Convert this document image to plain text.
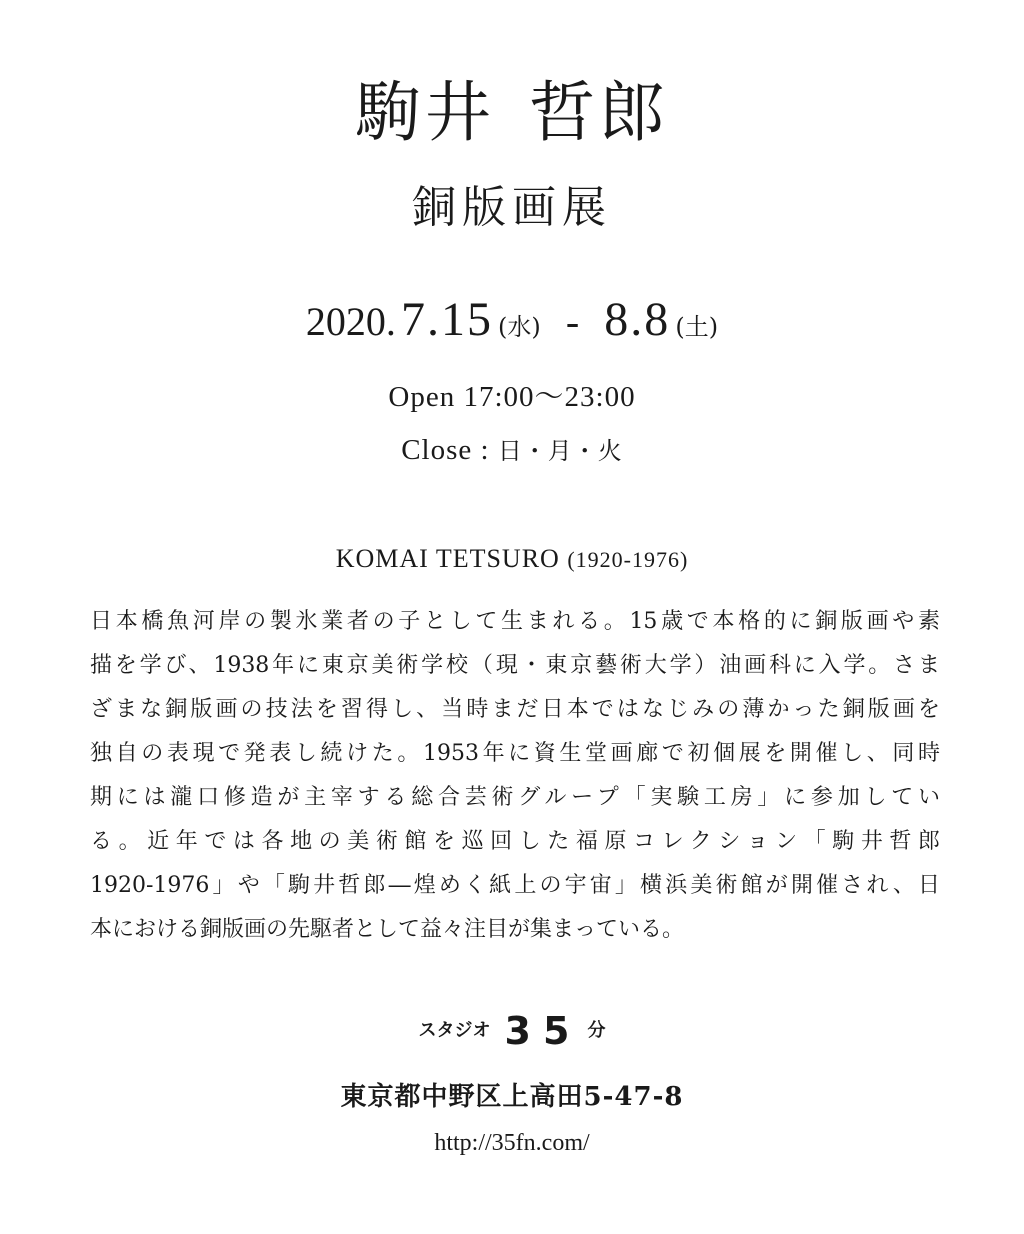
駒井 哲郎
銅版画展
2020. 7.15 (水) - 8.8 (土)
Open 17:00～23:00
Close : 日・月・火
KOMAI TETSURO (1920-1976)
日本橋魚河岸の製氷業者の子として生まれる。15歳で本格的に銅版画や素
描を学び、1938年に東京美術学校（現・東京藝術大学）油画科に入学。さま
ざまな銅版画の技法を習得し、当時まだ日本ではなじみの薄かった銅版画を
独自の表現で発表し続けた。1953年に資生堂画廊で初個展を開催し、同時
期には瀧口修造が主宰する総合芸術グループ「実験工房」に参加してい
る。近年では各地の美術館を巡回した福原コレクション「駒井哲郎
1920-1976」や「駒井哲郎―煌めく紙上の宇宙」横浜美術館が開催され、日
本における銅版画の先駆者として益々注目が集まっている。
スタジオ 35 分
東京都中野区上高田5-47-8
http://35fn.com/
